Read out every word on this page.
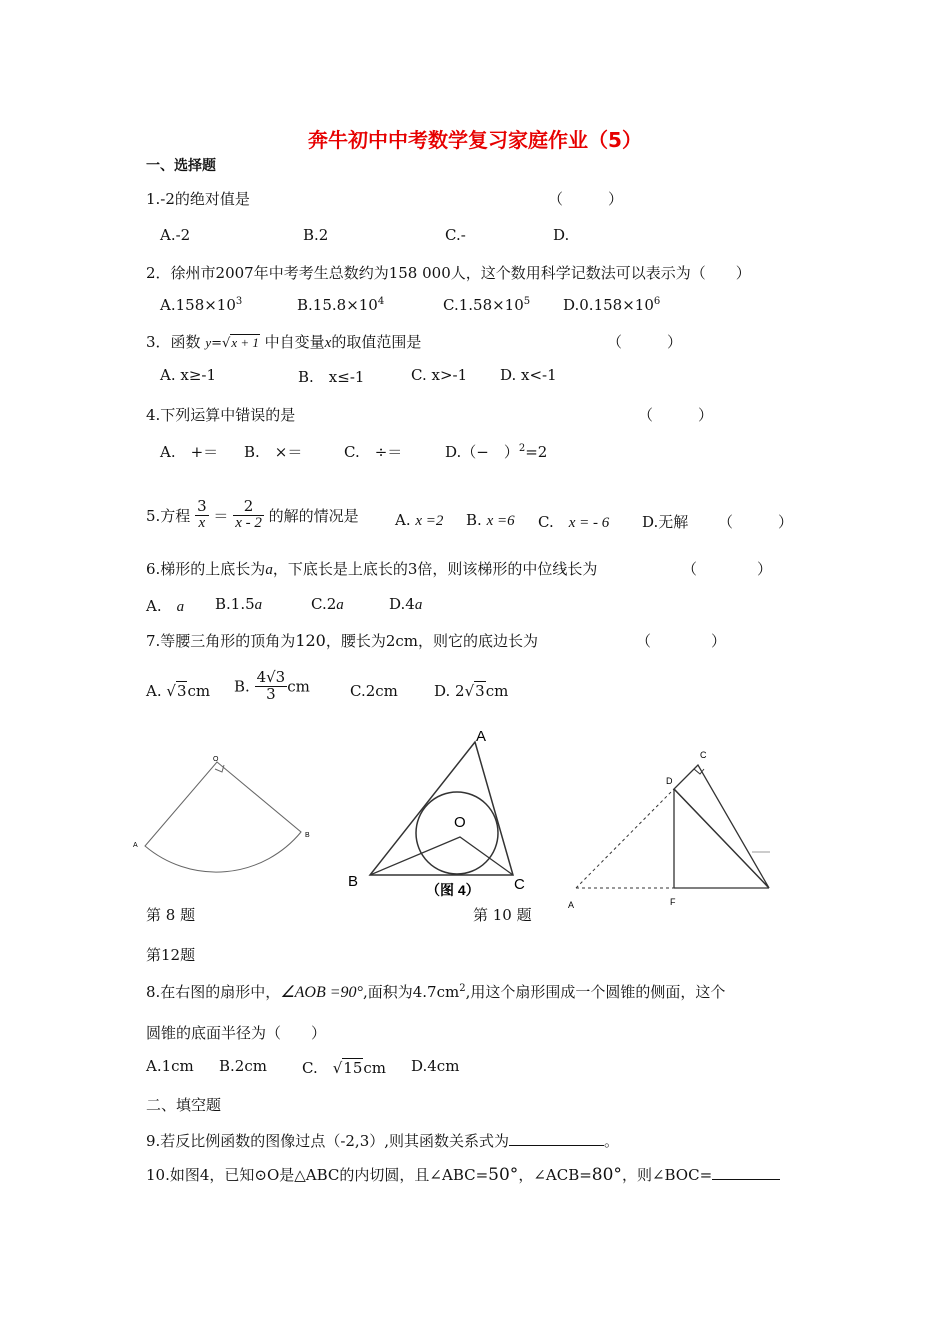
奔牛初中中考数学复习家庭作业（5）
一、选择题
1.-2的绝对值是	（　　　）
A.-2	B.2	C.-	D.
2．徐州市2007年中考考生总数约为158 000人，这个数用科学记数法可以表示为（　　）
$A.158\times 10^3$	$B.15.8\times 10^4$	$C.1.58\times 10^5$ $D.0.158\times 10^6$
3．函数 y=√x + 1 中自变量x的取值范围是	（　　　）
A. x≥-1	B.　x≤-1	C. x>-1 D. x<-1
4.下列运算中错误的是	（　　　）
A.　+＝ B.　×＝	C.　÷＝	D.（−　）$^2$=2
5.方程 $\frac{3}{x} = \frac{2}{x - 2}$ 的解的情况是 A. x =2 B. x =6 C.　 x = - 6 D.无解 （　　　）
6.梯形的上底长为a，下底长是上底长的3倍，则该梯形的中位线长为	（　　　　）
A.　 a B.1.5a	C.2a	D.4a
7.等腰三角形的顶角为120，腰长为2cm，则它的底边长为	（　　　　）
A. √3cm B. $\frac{4√3}{3}$ cm	C.2cm D. 2√3cm
O
A
B
A
B	C
O
（图 4）
C
D
A	F
第 8 题	第 10 题
第12题
8.在右图的扇形中，∠AOB =90°,面积为$4.7cm^2$,用这个扇形围成一个圆锥的侧面，这个
圆锥的底面半径为（　　）
A.1cm B.2cm C.　√15cm D.4cm
二、填空题
9.若反比例函数的图像过点（-2,3）,则其函数关系式为	。
10.如图4，已知⊙O是△ABC的内切圆，且∠ABC=50°，∠ACB=80°，则∠BOC=
